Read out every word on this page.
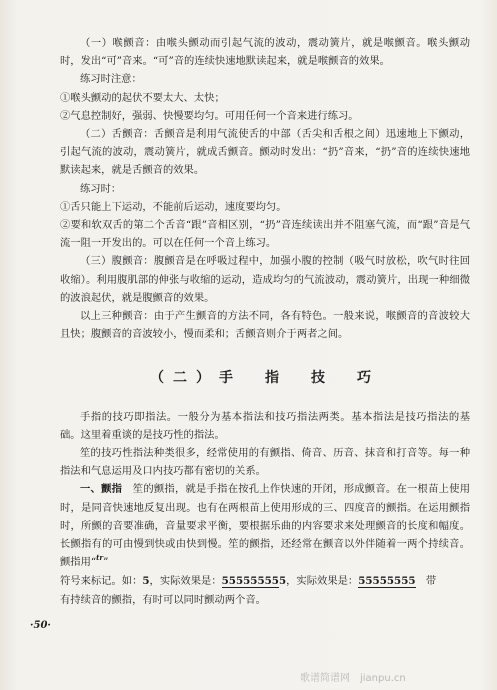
（一）喉颤音：由喉头颤动而引起气流的波动，震动簧片，就是喉颤音。喉头颤动时，发出“可”音来。“可”音的连续快速地默读起来，就是喉颤音的效果。

练习时注意：

①喉头颤动的起伏不要太大、太快；

②气息控制好，强弱、快慢要均匀。可用任何一个音来进行练习。

（二）舌颤音：舌颤音是利用气流使舌的中部（舌尖和舌根之间）迅速地上下颤动，引起气流的波动，震动簧片，就成舌颤音。颤动时发出：“扔”音来，“扔”音的连续快速地默读起来，就是舌颤音的效果。

练习时：

①舌只能上下运动，不能前后运动，速度要均匀。

②要和软双舌的第二个舌音“跟”音相区别，“扔”音连续读出并不阻塞气流，而“跟”音是气流一阻一开发出的。可以在任何一个音上练习。

（三）腹颤音：腹颤音是在呼吸过程中，加强小腹的控制（吸气时放松，吹气时往回收缩）。利用腹肌部的伸张与收缩的运动，造成均匀的气流波动，震动簧片，出现一种细微的波浪起伏，就是腹颤音的效果。

以上三种颤音：由于产生颤音的方法不同，各有特色。一般来说，喉颤音的音波较大且快；腹颤音的音波较小，慢而柔和；舌颤音则介于两者之间。

（二）手　指　技　巧

手指的技巧即指法。一般分为基本指法和技巧指法两类。基本指法是技巧指法的基础。这里着重谈的是技巧性的指法。

笙的技巧性指法种类很多，经常使用的有颤指、倚音、历音、抹音和打音等。每一种指法和气息运用及口内技巧都有密切的关系。

一、颤指　 笙的颤指，就是手指在按孔上作快速的开闭，形成颤音。在一根苗上使用时，是同音快速地反复出现。也有在两根苗上使用形成的三、四度音的颤指。在运用颤指时，所颤的音要准确，音量要求平衡，要根据乐曲的内容要求来处理颤音的长度和幅度。长颤指有的可由慢到快或由快到慢。笙的颤指，还经常在颤音以外伴随着一两个持续音。颤指用“$^{tr}$”

符号来标记。如：5，实际效果是：555555555，实际效果是：55555555　 带

有持续音的颤指，有时可以同时颤动两个音。

·50·
歌谱简谱网　jianpu.cn
